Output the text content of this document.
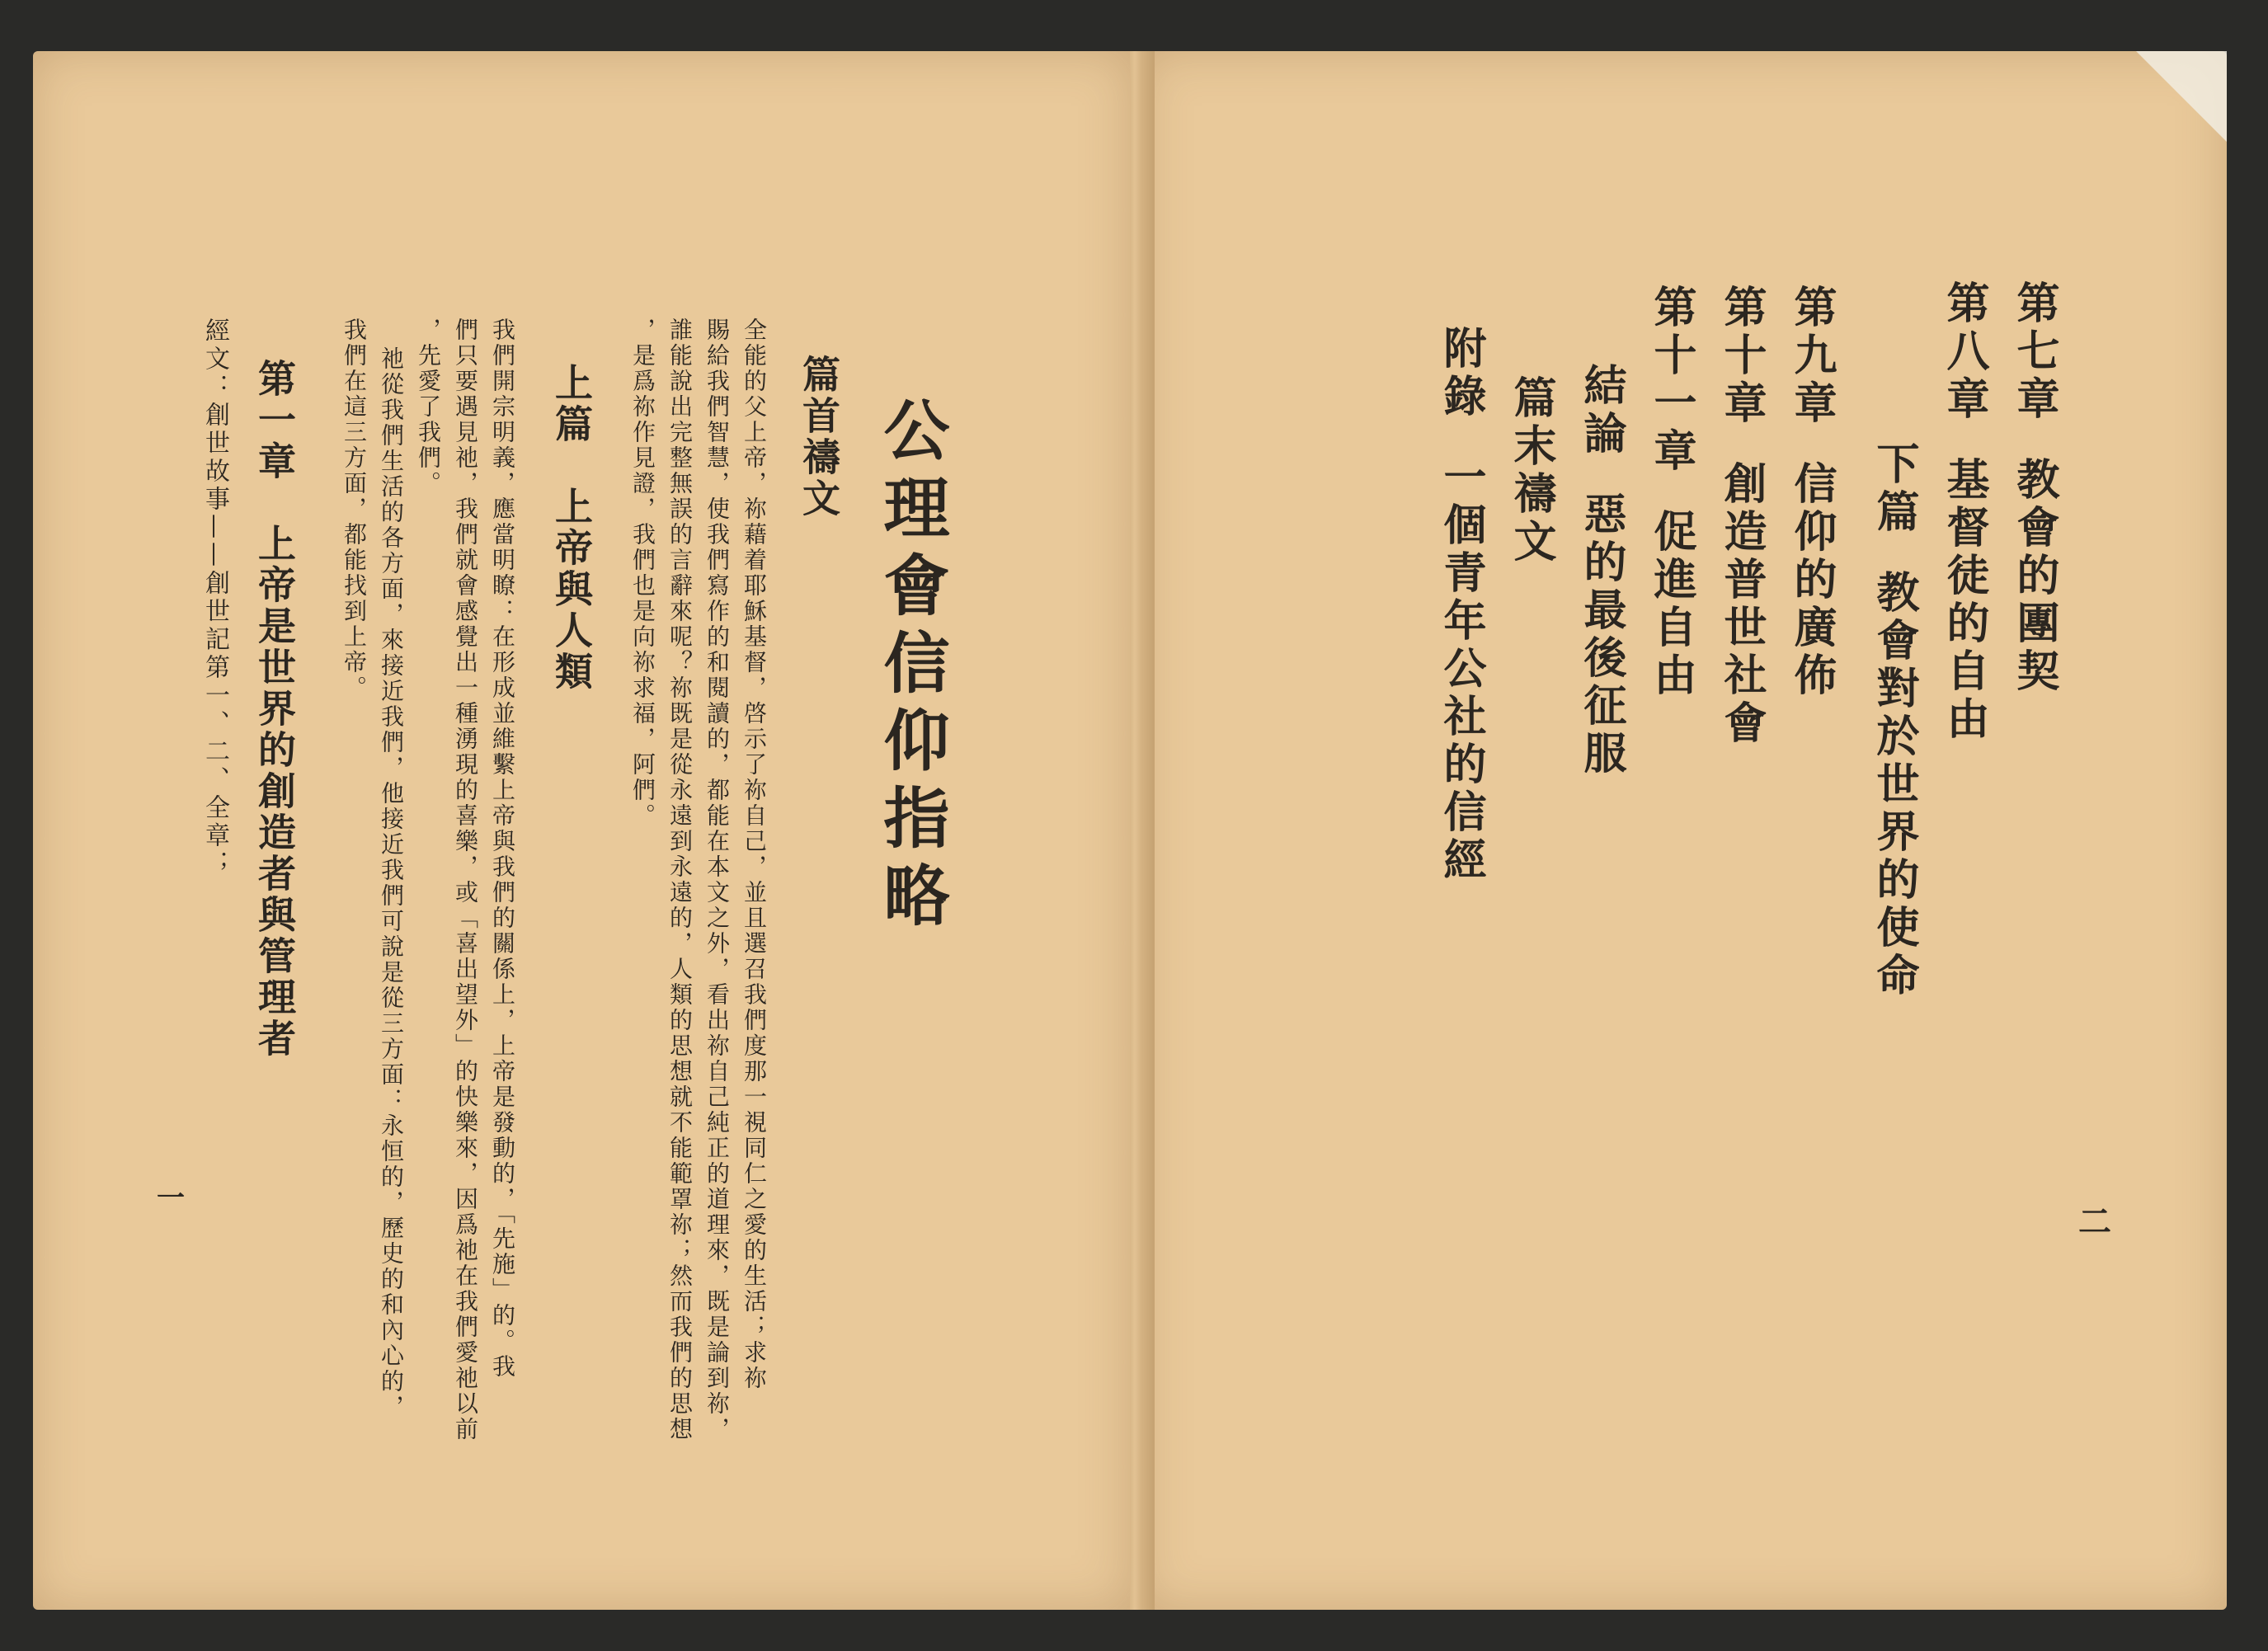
第七章教會的團契
第八章基督徒的自由
下篇教會對於世界的使命
第九章信仰的廣佈
第十章創造普世社會
第十一章促進自由
結論惡的最後征服
篇末禱文
附錄一個青年公社的信經
二
公理會信仰指略
篇首禱文
全能的父上帝，祢藉着耶穌基督，啓示了祢自己，並且選召我們度那一視同仁之愛的生活；求祢
賜給我們智慧，使我們寫作的和閱讀的，都能在本文之外，看出祢自己純正的道理來，既是論到祢，
誰能說出完整無誤的言辭來呢？祢既是從永遠到永遠的，人類的思想就不能範罩祢；然而我們的思想
，是爲祢作見證，我們也是向祢求福，阿們。
上篇　上帝與人類
我們開宗明義，應當明瞭：在形成並維繫上帝與我們的關係上，上帝是發動的，「先施」的。我
們只要遇見祂，我們就會感覺出一種湧現的喜樂，或「喜出望外」的快樂來，因爲祂在我們愛祂以前
，先愛了我們。
祂從我們生活的各方面，來接近我們，他接近我們可說是從三方面：永恒的，歷史的和內心的，
我們在這三方面，都能找到上帝。
第一章　上帝是世界的創造者與管理者
經文：創世故事——創世記第一、二、全章；
一
